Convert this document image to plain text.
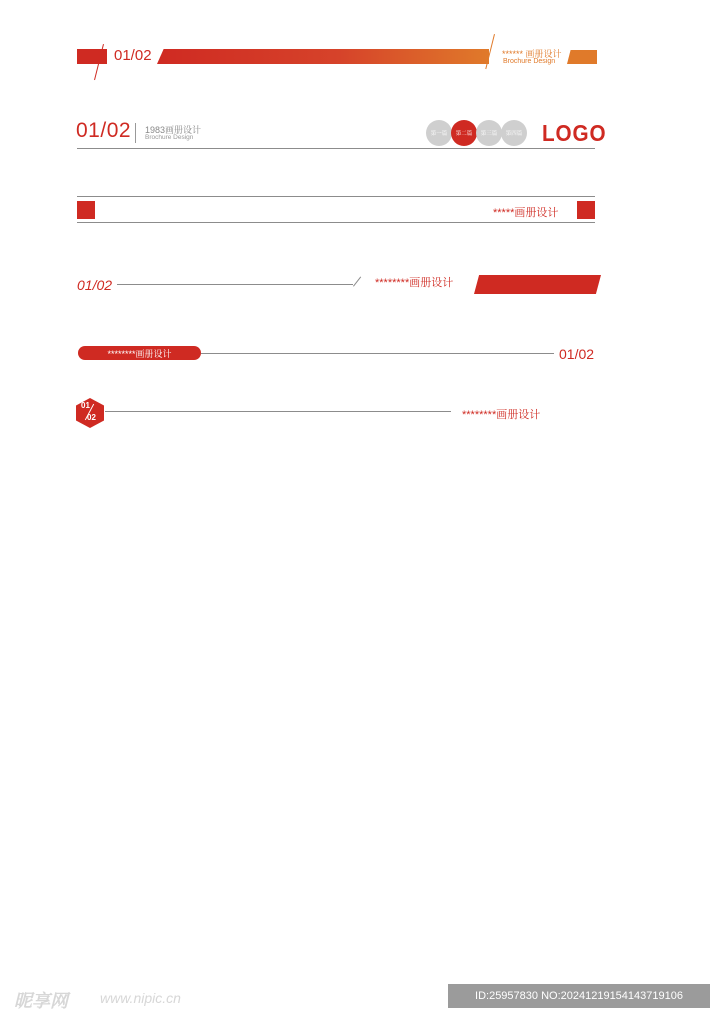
01/02	****** 画册设计
Brochure Design
01/02 1983画册设计
Brochure Design	第一篇	第二篇	第三篇	第四篇 LOGO
*****画册设计
01/02	********画册设计
********画册设计	01/02
01
02	********画册设计
昵享网 www.nipic.cn	ID:25957830 NO:20241219154143719106
